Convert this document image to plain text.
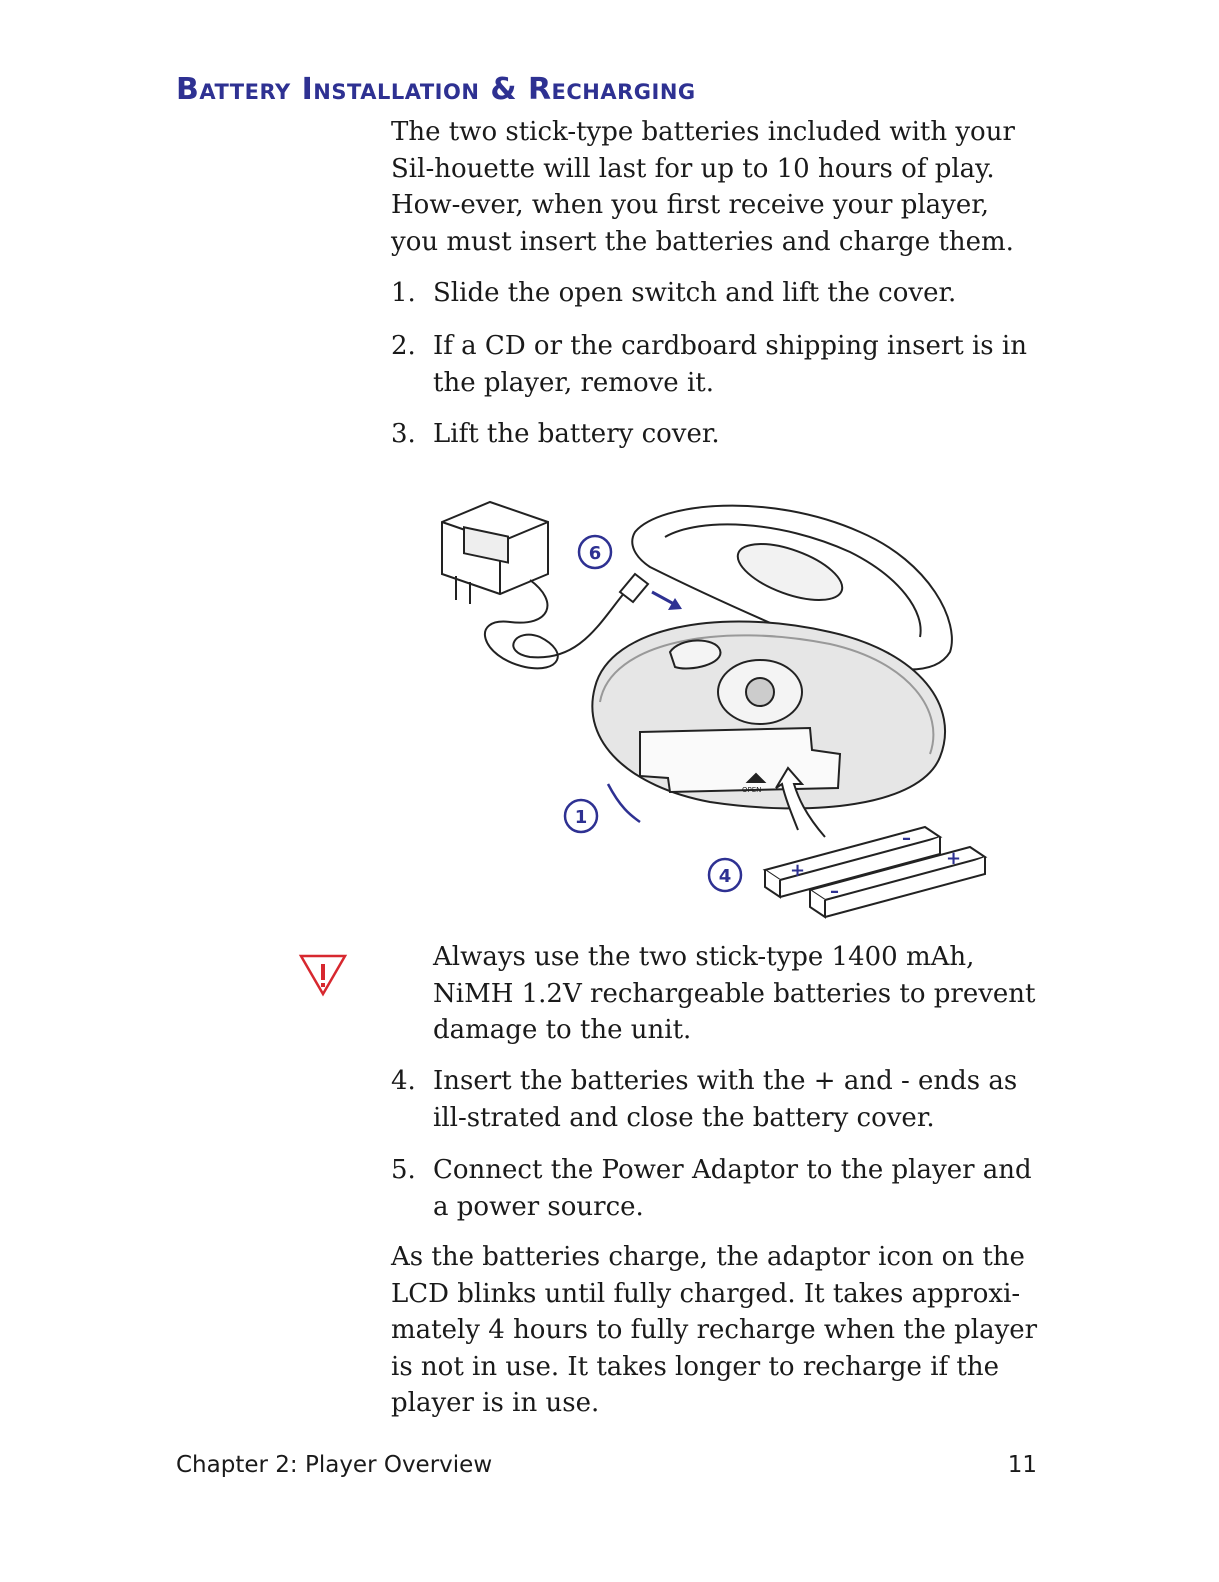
Battery Installation & Recharging

The two stick-type batteries included with your Sil-houette will last for up to 10 hours of play. How-ever, when you first receive your player, you must insert the batteries and charge them.

1. Slide the open switch and lift the cover.
2. If a CD or the cardboard shipping insert is in the player, remove it.
3. Lift the battery cover.
OPEN
+
–
+
–
6
1
4
Always use the two stick-type 1400 mAh, NiMH 1.2V rechargeable batteries to prevent damage to the unit.
4. Insert the batteries with the + and - ends as ill-strated and close the battery cover.
5. Connect the Power Adaptor to the player and a power source.

As the batteries charge, the adaptor icon on the LCD blinks until fully charged. It takes approxi-mately 4 hours to fully recharge when the player is not in use. It takes longer to recharge if the player is in use.

Chapter 2: Player Overview	11
